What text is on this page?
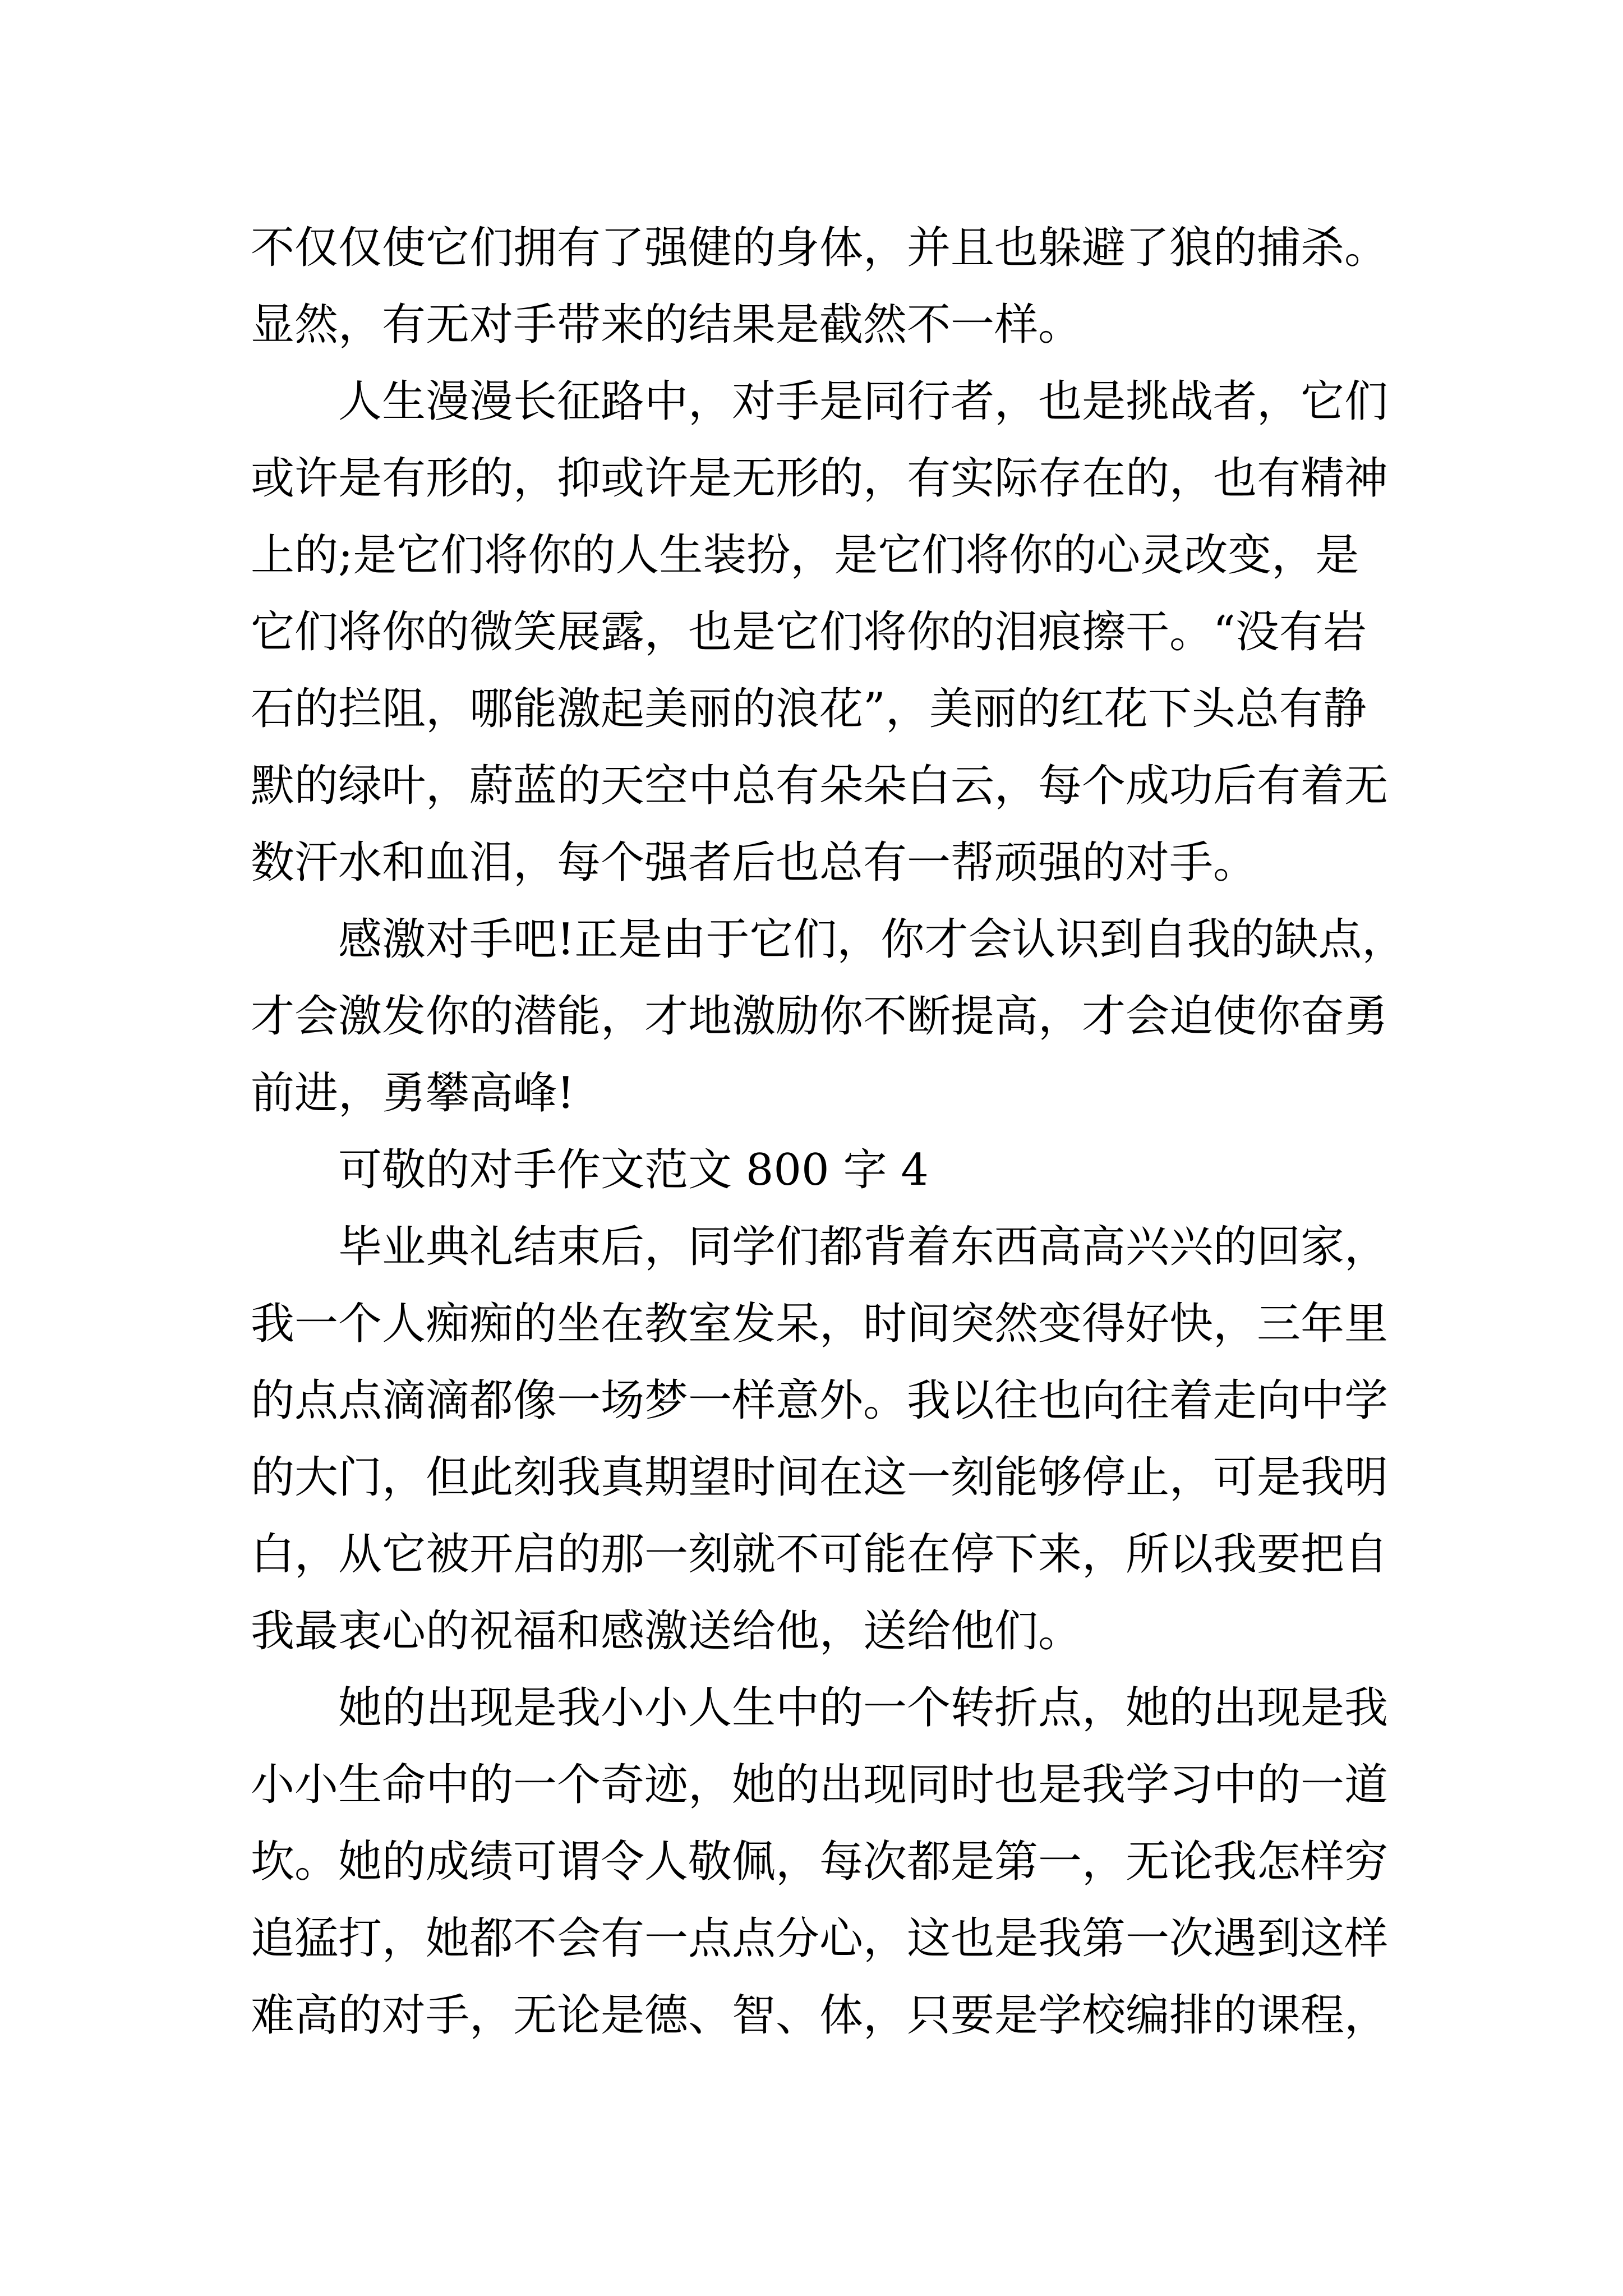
不仅仅使它们拥有了强健的身体，并且也躲避了狼的捕杀。
显然，有无对手带来的结果是截然不一样。
人生漫漫长征路中，对手是同行者，也是挑战者，它们
或许是有形的，抑或许是无形的，有实际存在的，也有精神
上的;是它们将你的人生装扮，是它们将你的心灵改变，是
它们将你的微笑展露，也是它们将你的泪痕擦干。“没有岩
石的拦阻，哪能激起美丽的浪花”，美丽的红花下头总有静
默的绿叶，蔚蓝的天空中总有朵朵白云，每个成功后有着无
数汗水和血泪，每个强者后也总有一帮顽强的对手。
感激对手吧!正是由于它们，你才会认识到自我的缺点，
才会激发你的潜能，才地激励你不断提高，才会迫使你奋勇
前进，勇攀高峰!
可敬的对手作文范文 800 字 4
毕业典礼结束后，同学们都背着东西高高兴兴的回家，
我一个人痴痴的坐在教室发呆，时间突然变得好快，三年里
的点点滴滴都像一场梦一样意外。我以往也向往着走向中学
的大门，但此刻我真期望时间在这一刻能够停止，可是我明
白，从它被开启的那一刻就不可能在停下来，所以我要把自
我最衷心的祝福和感激送给他，送给他们。
她的出现是我小小人生中的一个转折点，她的出现是我
小小生命中的一个奇迹，她的出现同时也是我学习中的一道
坎。她的成绩可谓令人敬佩，每次都是第一，无论我怎样穷
追猛打，她都不会有一点点分心，这也是我第一次遇到这样
难高的对手，无论是德、智、体，只要是学校编排的课程，
